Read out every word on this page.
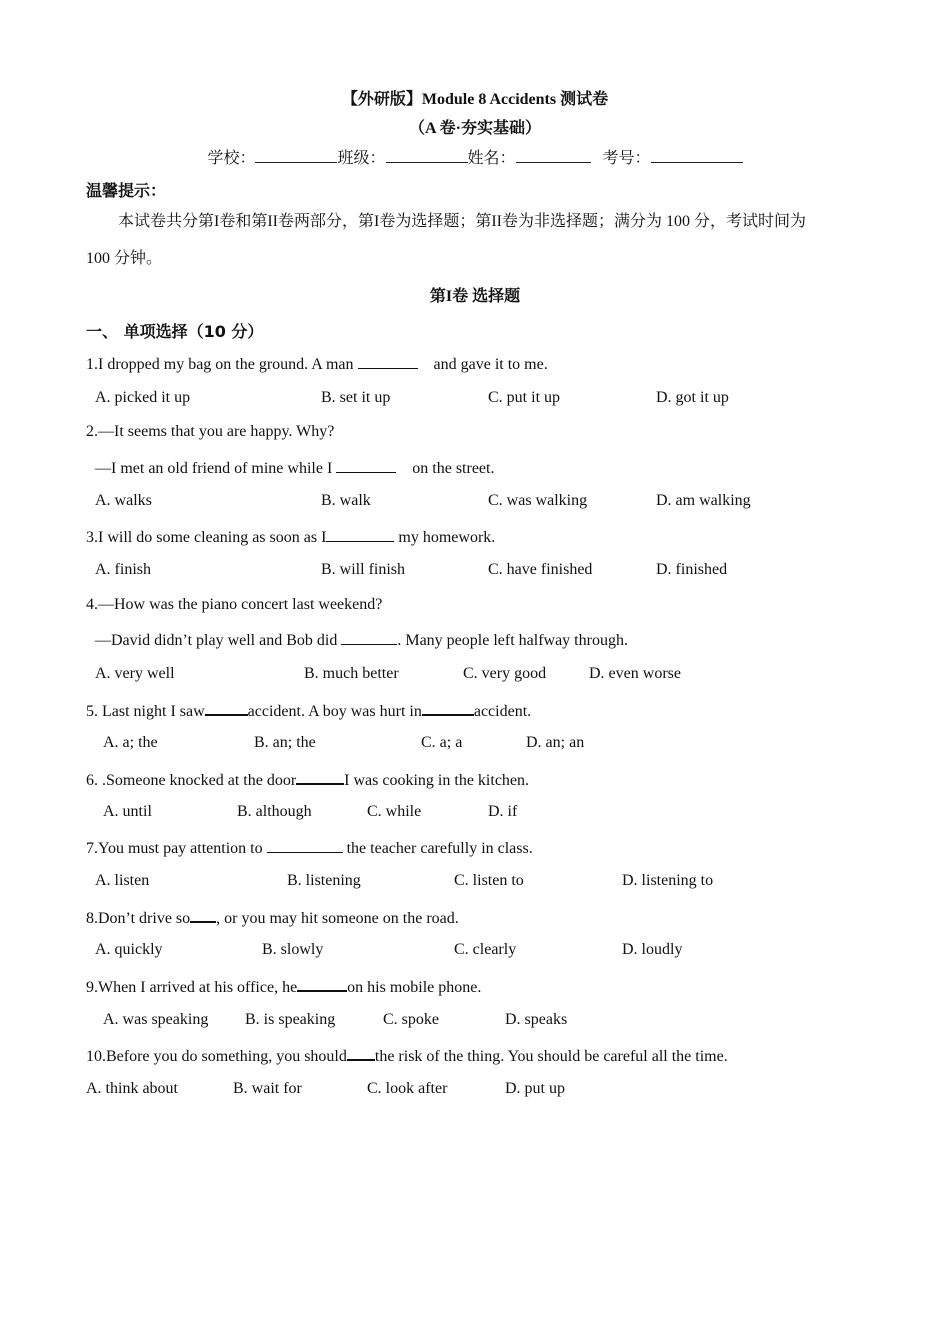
【外研版】Module 8 Accidents 测试卷
（A 卷·夯实基础）
学校：	班级：	姓名：	考号：
温馨提示：
本试卷共分第I卷和第II卷两部分，第I卷为选择题；第II卷为非选择题；满分为 100 分，考试时间为
100 分钟。
第I卷 选择题
一、 单项选择（10 分）
1.I dropped my bag on the ground. A man	and gave it to me.
A. picked it up	B. set it up	C. put it up	D. got it up
2.—It seems that you are happy. Why?
—I met an old friend of mine while I	on the street.
A. walks	B. walk	C. was walking	D. am walking
3.I will do some cleaning as soon as I	my homework.
A. finish	B. will finish	C. have finished	D. finished
4.—How was the piano concert last weekend?
—David didn’t play well and Bob did	. Many people left halfway through.
A. very well	B. much better	C. very good	D. even worse
5. Last night I saw	accident. A boy was hurt in	accident.
A. a; the	B. an; the	C. a; a	D. an; an
6. .Someone knocked at the door	I was cooking in the kitchen.
A. until	B. although	C. while	D. if
7.You must pay attention to	the teacher carefully in class.
A. listen	B. listening	C. listen to	D. listening to
8.Don’t drive so , or you may hit someone on the road.
A. quickly	B. slowly	C. clearly	D. loudly
9.When I arrived at his office, he	on his mobile phone.
A. was speaking B. is speaking	C. spoke	D. speaks
10.Before you do something, you should the risk of the thing. You should be careful all the time.
A. think about	B. wait for	C. look after	D. put up
